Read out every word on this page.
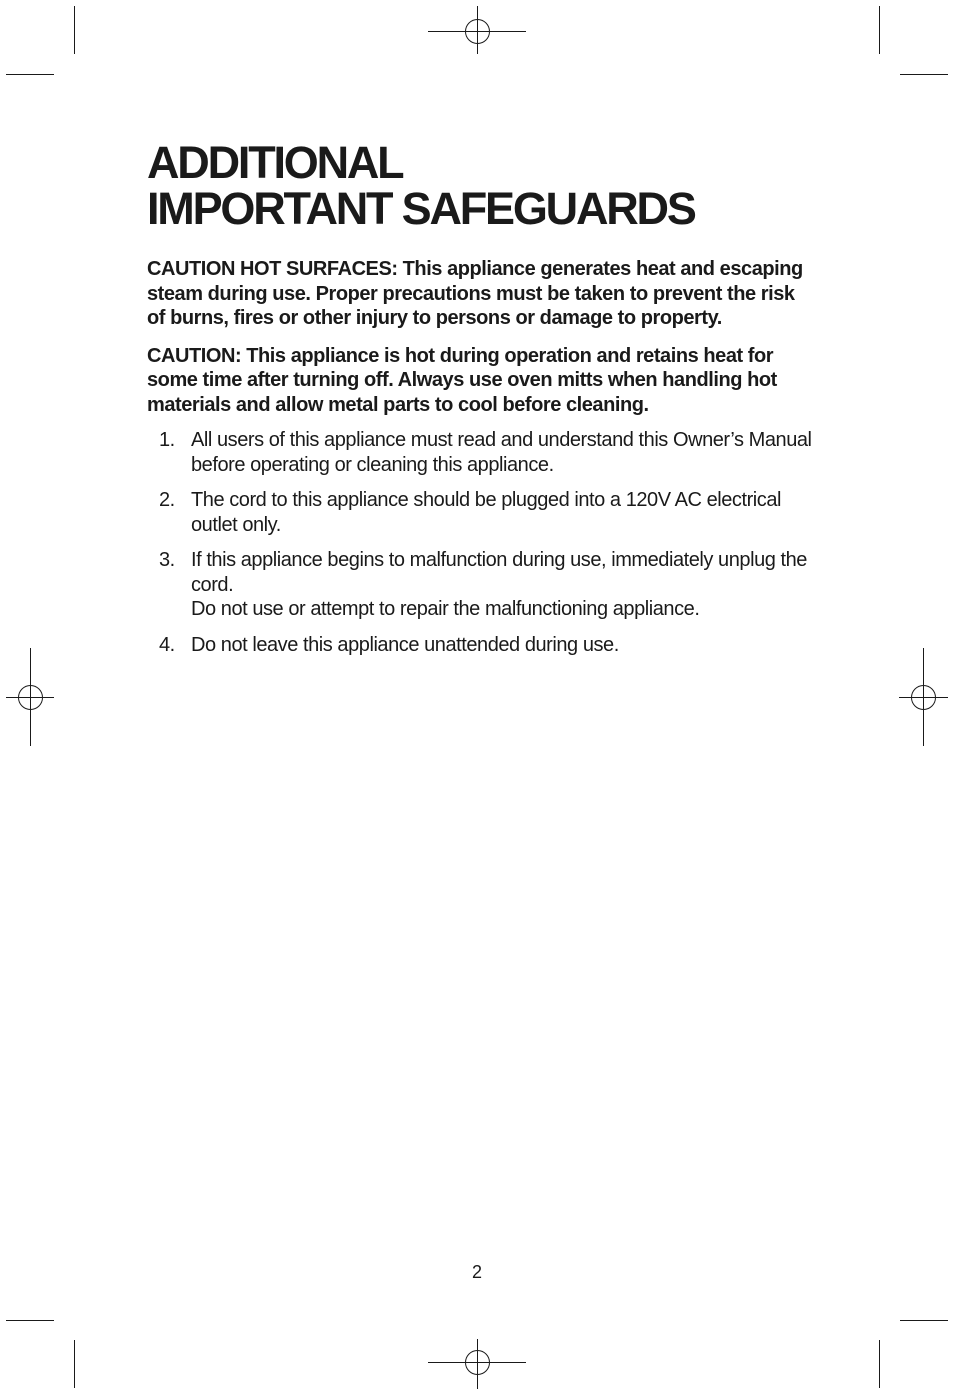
ADDITIONAL
IMPORTANT SAFEGUARDS

CAUTION HOT SURFACES: This appliance generates heat and escaping steam during use. Proper precautions must be taken to prevent the risk of burns, fires or other injury to persons or damage to property.

CAUTION: This appliance is hot during operation and retains heat for some time after turning off. Always use oven mitts when handling hot materials and allow metal parts to cool before cleaning.

1. All users of this appliance must read and understand this Owner’s Manual before operating or cleaning this appliance.
2. The cord to this appliance should be plugged into a 120V AC electrical outlet only.
3. If this appliance begins to malfunction during use, immediately unplug the cord.
Do not use or attempt to repair the malfunctioning appliance.
4. Do not leave this appliance unattended during use.
2
